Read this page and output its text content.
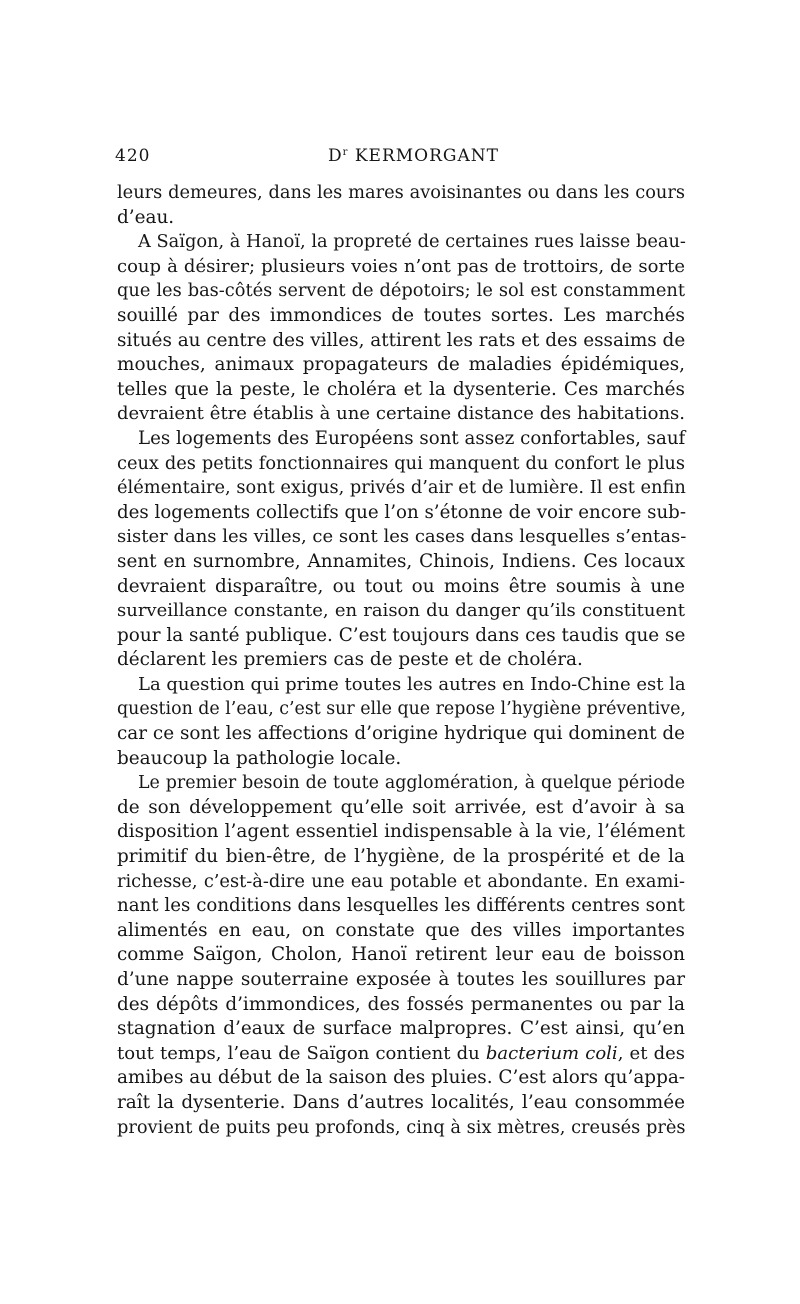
420	$D^r$ KERMORGANT
leurs demeures, dans les mares avoisinantes ou dans les cours
d’eau.
A Saïgon, à Hanoï, la propreté de certaines rues laisse beau-
coup à désirer; plusieurs voies n’ont pas de trottoirs, de sorte
que les bas-côtés servent de dépotoirs; le sol est constamment
souillé par des immondices de toutes sortes. Les marchés
situés au centre des villes, attirent les rats et des essaims de
mouches, animaux propagateurs de maladies épidémiques,
telles que la peste, le choléra et la dysenterie. Ces marchés
devraient être établis à une certaine distance des habitations.
Les logements des Européens sont assez confortables, sauf
ceux des petits fonctionnaires qui manquent du confort le plus
élémentaire, sont exigus, privés d’air et de lumière. Il est enfin
des logements collectifs que l’on s’étonne de voir encore sub-
sister dans les villes, ce sont les cases dans lesquelles s’entas-
sent en surnombre, Annamites, Chinois, Indiens. Ces locaux
devraient disparaître, ou tout ou moins être soumis à une
surveillance constante, en raison du danger qu’ils constituent
pour la santé publique. C’est toujours dans ces taudis que se
déclarent les premiers cas de peste et de choléra.
La question qui prime toutes les autres en Indo-Chine est la
question de l’eau, c’est sur elle que repose l’hygiène préventive,
car ce sont les affections d’origine hydrique qui dominent de
beaucoup la pathologie locale.
Le premier besoin de toute agglomération, à quelque période
de son développement qu’elle soit arrivée, est d’avoir à sa
disposition l’agent essentiel indispensable à la vie, l’élément
primitif du bien-être, de l’hygiène, de la prospérité et de la
richesse, c’est-à-dire une eau potable et abondante. En exami-
nant les conditions dans lesquelles les différents centres sont
alimentés en eau, on constate que des villes importantes
comme Saïgon, Cholon, Hanoï retirent leur eau de boisson
d’une nappe souterraine exposée à toutes les souillures par
des dépôts d’immondices, des fossés permanentes ou par la
stagnation d’eaux de surface malpropres. C’est ainsi, qu’en
tout temps, l’eau de Saïgon contient du bacterium coli, et des
amibes au début de la saison des pluies. C’est alors qu’appa-
raît la dysenterie. Dans d’autres localités, l’eau consommée
provient de puits peu profonds, cinq à six mètres, creusés près
